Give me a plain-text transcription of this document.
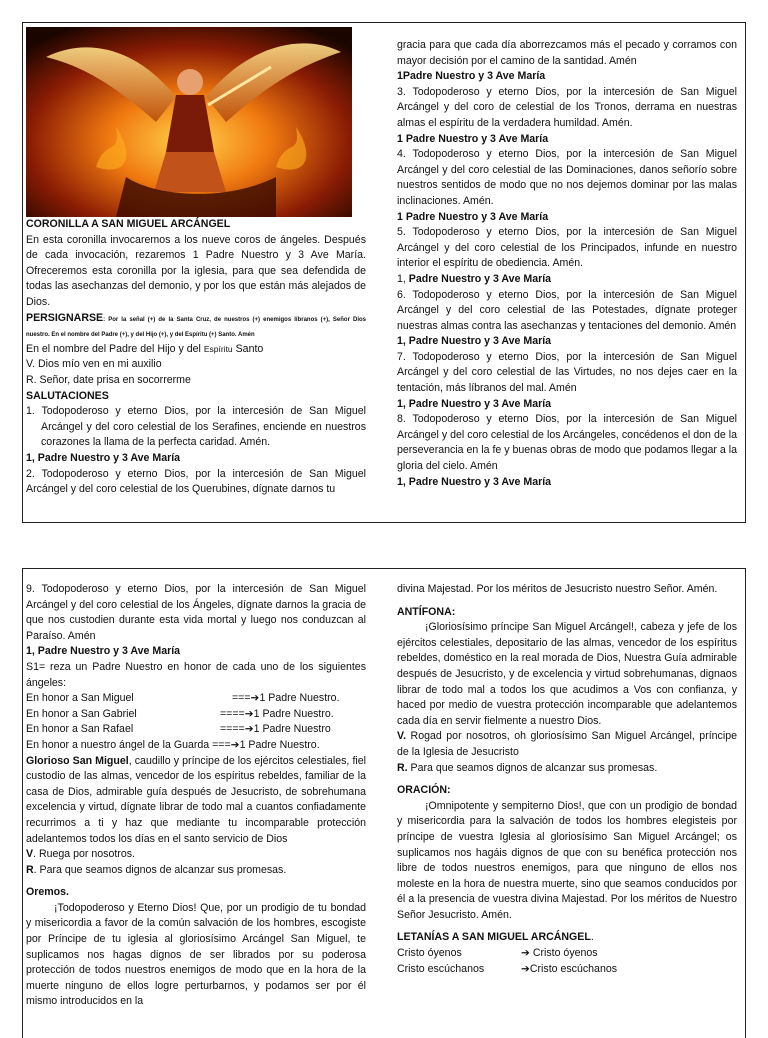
CORONILLA A SAN MIGUEL ARCÁNGEL

En esta coronilla invocaremos a los nueve coros de ángeles. Después de cada invocación, rezaremos 1 Padre Nuestro y 3 Ave María. Ofreceremos esta coronilla por la iglesia, para que sea defendida de todas las asechanzas del demonio, y por los que están más alejados de Dios.

PERSIGNARSE: Por la señal (+) de la Santa Cruz, de nuestros (+) enemigos líbranos (+), Señor Dios nuestro. En el nombre del Padre (+), y del Hijo (+), y del Espíritu (+) Santo. Amén

En el nombre del Padre del Hijo y del Espíritu Santo

V. Dios mío ven en mi auxilio

R. Señor, date prisa en socorrerme

SALUTACIONES

1. Todopoderoso y eterno Dios, por la intercesión de San Miguel Arcángel y del coro celestial de los Serafines, enciende en nuestros corazones la llama de la perfecta caridad. Amén.

1, Padre Nuestro y 3 Ave María

2. Todopoderoso y eterno Dios, por la intercesión de San Miguel Arcángel y del coro celestial de los Querubines, dígnate darnos tu

gracia para que cada día aborrezcamos más el pecado y corramos con mayor decisión por el camino de la santidad. Amén

1Padre Nuestro y 3 Ave María

3. Todopoderoso y eterno Dios, por la intercesión de San Miguel Arcángel y del coro de celestial de los Tronos, derrama en nuestras almas el espíritu de la verdadera humildad. Amén.

1 Padre Nuestro y 3 Ave María

4. Todopoderoso y eterno Dios, por la intercesión de San Miguel Arcángel y del coro celestial de las Dominaciones, danos señorío sobre nuestros sentidos de modo que no nos dejemos dominar por las malas inclinaciones. Amén.

1 Padre Nuestro y 3 Ave María

5. Todopoderoso y eterno Dios, por la intercesión de San Miguel Arcángel y del coro celestial de los Principados, infunde en nuestro interior el espíritu de obediencia. Amén.

1, Padre Nuestro y 3 Ave María

6. Todopoderoso y eterno Dios, por la intercesión de San Miguel Arcángel y del coro celestial de las Potestades, dígnate proteger nuestras almas contra las asechanzas y tentaciones del demonio. Amén

1, Padre Nuestro y 3 Ave María

7. Todopoderoso y eterno Dios, por la intercesión de San Miguel Arcángel y del coro celestial de las Virtudes, no nos dejes caer en la tentación, más líbranos del mal. Amén

1, Padre Nuestro y 3 Ave María

8. Todopoderoso y eterno Dios, por la intercesión de San Miguel Arcángel y del coro celestial de los Arcángeles, concédenos el don de la perseverancia en la fe y buenas obras de modo que podamos llegar a la gloria del cielo. Amén

1, Padre Nuestro y 3 Ave María

9. Todopoderoso y eterno Dios, por la intercesión de San Miguel Arcángel y del coro celestial de los Ángeles, dígnate darnos la gracia de que nos custodien durante esta vida mortal y luego nos conduzcan al Paraíso. Amén

1, Padre Nuestro y 3 Ave María

S1= reza un Padre Nuestro en honor de cada uno de los siguientes ángeles:

En honor a San Miguel	===➔ 1 Padre Nuestro.
En honor a San Gabriel	====➔ 1 Padre Nuestro.
En honor a San Rafael	====➔ 1 Padre Nuestro
En honor a nuestro ángel de la Guarda ===➔ 1 Padre Nuestro.

Glorioso San Miguel, caudillo y príncipe de los ejércitos celestiales, fiel custodio de las almas, vencedor de los espíritus rebeldes, familiar de la casa de Dios, admirable guía después de Jesucristo, de sobrehumana excelencia y virtud, dígnate librar de todo mal a cuantos confiadamente recurrimos a ti y haz que mediante tu incomparable protección adelantemos todos los días en el santo servicio de Dios

V. Ruega por nosotros.

R. Para que seamos dignos de alcanzar sus promesas.

Oremos.

¡Todopoderoso y Eterno Dios! Que, por un prodigio de tu bondad y misericordia a favor de la común salvación de los hombres, escogiste por Príncipe de tu iglesia al gloriosísimo Arcángel San Miguel, te suplicamos nos hagas dignos de ser librados por su poderosa protección de todos nuestros enemigos de modo que en la hora de la muerte ninguno de ellos logre perturbarnos, y podamos ser por él mismo introducidos en la

divina Majestad. Por los méritos de Jesucristo nuestro Señor. Amén.

ANTÍFONA:

¡Gloriosísimo príncipe San Miguel Arcángel!, cabeza y jefe de los ejércitos celestiales, depositario de las almas, vencedor de los espíritus rebeldes, doméstico en la real morada de Dios, Nuestra Guía admirable después de Jesucristo, y de excelencia y virtud sobrehumanas, dignaos librar de todo mal a todos los que acudimos a Vos con confianza, y haced por medio de vuestra protección incomparable que adelantemos cada día en servir fielmente a nuestro Dios.

V. Rogad por nosotros, oh gloriosísimo San Miguel Arcángel, príncipe de la Iglesia de Jesucristo

R. Para que seamos dignos de alcanzar sus promesas.

ORACIÓN:

¡Omnipotente y sempiterno Dios!, que con un prodigio de bondad y misericordia para la salvación de todos los hombres elegisteis por príncipe de vuestra Iglesia al gloriosísimo San Miguel Arcángel; os suplicamos nos hagáis dignos de que con su benéfica protección nos libre de todos nuestros enemigos, para que ninguno de ellos nos moleste en la hora de nuestra muerte, sino que seamos conducidos por él a la presencia de vuestra divina Majestad. Por los méritos de Nuestro Señor Jesucristo. Amén.

LETANÍAS A SAN MIGUEL ARCÁNGEL.

Cristo óyenos	➔ Cristo óyenos
Cristo escúchanos	➔Cristo escúchanos
